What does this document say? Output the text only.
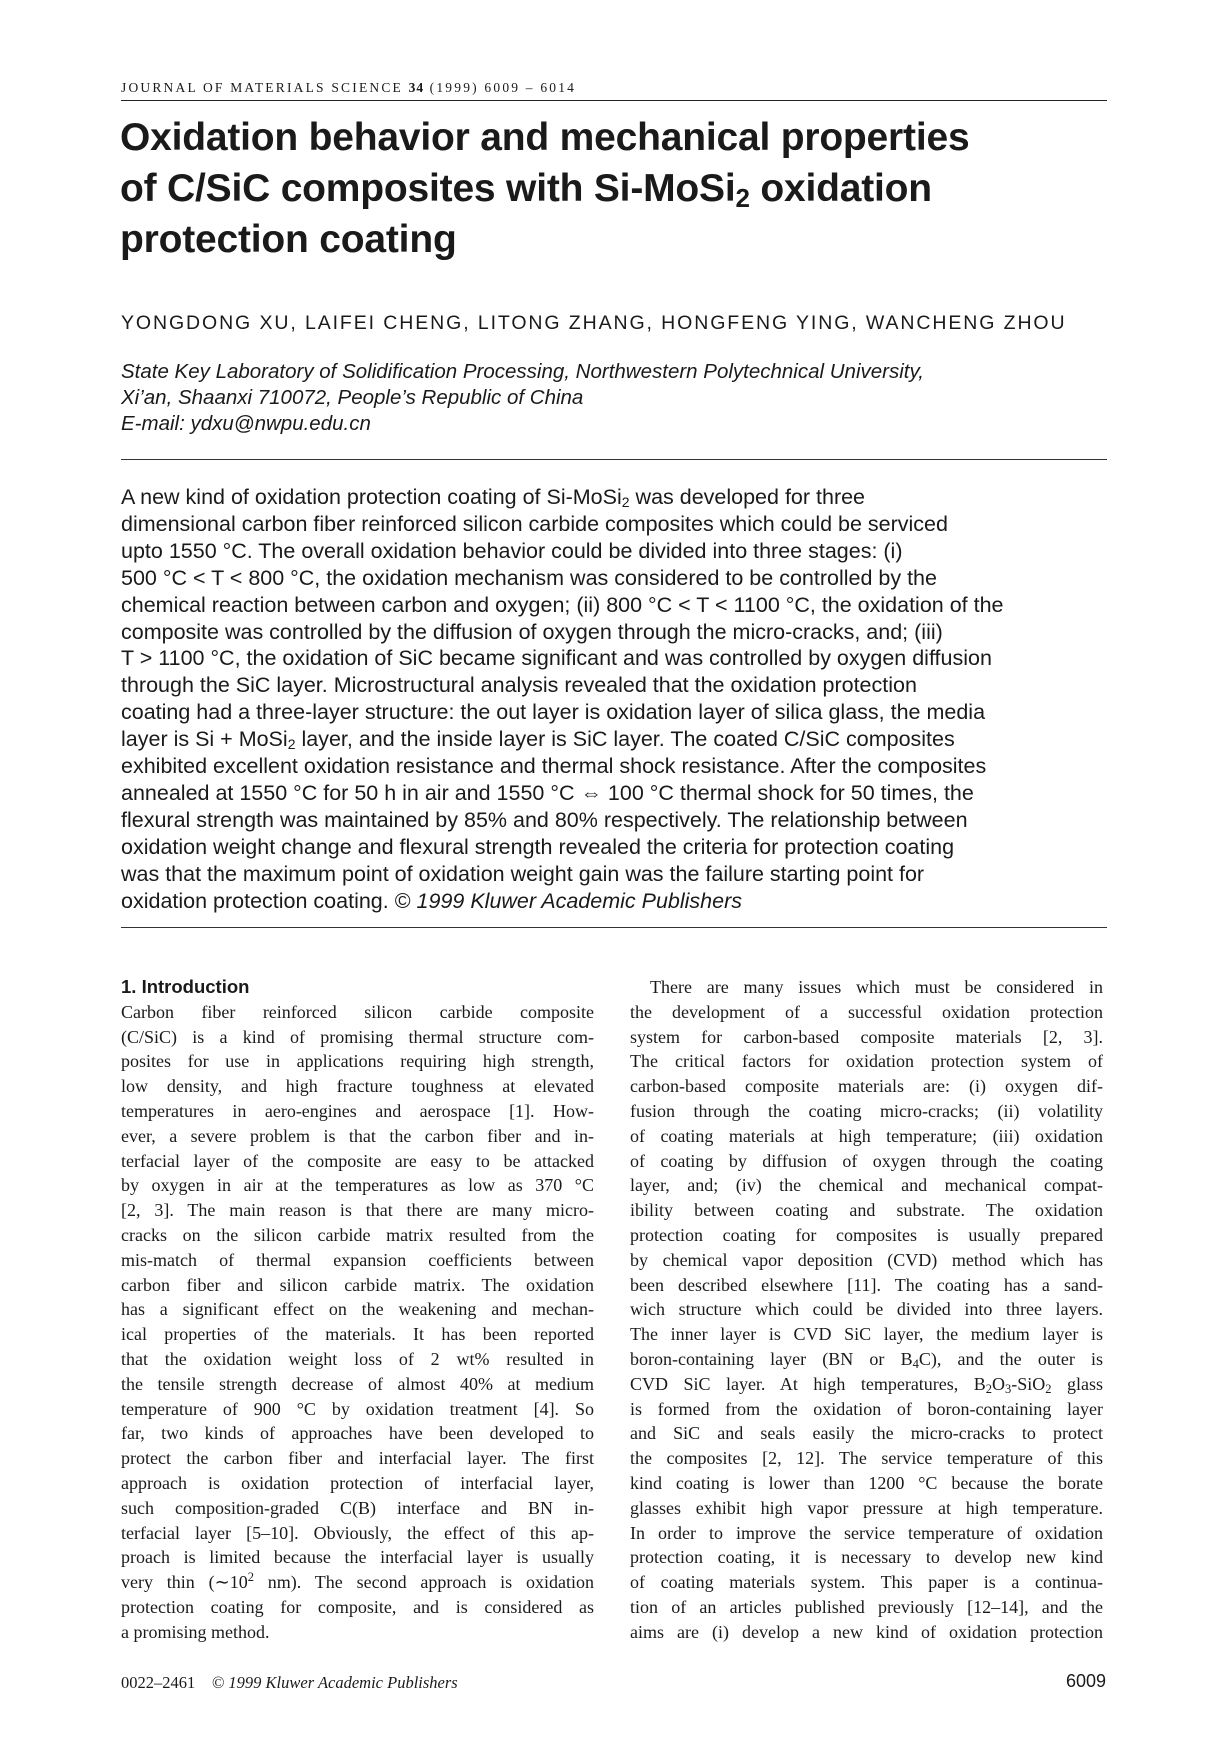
JOURNAL OF MATERIALS SCIENCE 34 (1999) 6009 – 6014
Oxidation behavior and mechanical properties
of C/SiC composites with Si-MoSi$_2$ oxidation
protection coating
YONGDONG XU, LAIFEI CHENG, LITONG ZHANG, HONGFENG YING, WANCHENG ZHOU
State Key Laboratory of Solidification Processing, Northwestern Polytechnical University,
Xi’an, Shaanxi 710072, People’s Republic of China
E-mail: ydxu@nwpu.edu.cn
A new kind of oxidation protection coating of Si-MoSi$_2$ was developed for three
dimensional carbon fiber reinforced silicon carbide composites which could be serviced
upto 1550 °C. The overall oxidation behavior could be divided into three stages: (i)
500 °C < T < 800 °C, the oxidation mechanism was considered to be controlled by the
chemical reaction between carbon and oxygen; (ii) 800 °C < T < 1100 °C, the oxidation of the
composite was controlled by the diffusion of oxygen through the micro-cracks, and; (iii)
T > 1100 °C, the oxidation of SiC became significant and was controlled by oxygen diffusion
through the SiC layer. Microstructural analysis revealed that the oxidation protection
coating had a three-layer structure: the out layer is oxidation layer of silica glass, the media
layer is Si + MoSi$_2$ layer, and the inside layer is SiC layer. The coated C/SiC composites
exhibited excellent oxidation resistance and thermal shock resistance. After the composites
annealed at 1550 °C for 50 h in air and 1550 °C ⇔ 100 °C thermal shock for 50 times, the
flexural strength was maintained by 85% and 80% respectively. The relationship between
oxidation weight change and flexural strength revealed the criteria for protection coating
was that the maximum point of oxidation weight gain was the failure starting point for
oxidation protection coating. © 1999 Kluwer Academic Publishers
1. Introduction
Carbon fiber reinforced silicon carbide composite
(C/SiC) is a kind of promising thermal structure com-
posites for use in applications requiring high strength,
low density, and high fracture toughness at elevated
temperatures in aero-engines and aerospace [1]. How-
ever, a severe problem is that the carbon fiber and in-
terfacial layer of the composite are easy to be attacked
by oxygen in air at the temperatures as low as 370 °C
[2, 3]. The main reason is that there are many micro-
cracks on the silicon carbide matrix resulted from the
mis-match of thermal expansion coefficients between
carbon fiber and silicon carbide matrix. The oxidation
has a significant effect on the weakening and mechan-
ical properties of the materials. It has been reported
that the oxidation weight loss of 2 wt% resulted in
the tensile strength decrease of almost 40% at medium
temperature of 900 °C by oxidation treatment [4]. So
far, two kinds of approaches have been developed to
protect the carbon fiber and interfacial layer. The first
approach is oxidation protection of interfacial layer,
such composition-graded C(B) interface and BN in-
terfacial layer [5–10]. Obviously, the effect of this ap-
proach is limited because the interfacial layer is usually
very thin ($\sim 10^2$ nm). The second approach is oxidation
protection coating for composite, and is considered as
a promising method.
There are many issues which must be considered in
the development of a successful oxidation protection
system for carbon-based composite materials [2, 3].
The critical factors for oxidation protection system of
carbon-based composite materials are: (i) oxygen dif-
fusion through the coating micro-cracks; (ii) volatility
of coating materials at high temperature; (iii) oxidation
of coating by diffusion of oxygen through the coating
layer, and; (iv) the chemical and mechanical compat-
ibility between coating and substrate. The oxidation
protection coating for composites is usually prepared
by chemical vapor deposition (CVD) method which has
been described elsewhere [11]. The coating has a sand-
wich structure which could be divided into three layers.
The inner layer is CVD SiC layer, the medium layer is
boron-containing layer (BN or $B_4C$), and the outer is
CVD SiC layer. At high temperatures, $B_2O_3-SiO_2$ glass
is formed from the oxidation of boron-containing layer
and SiC and seals easily the micro-cracks to protect
the composites [2, 12]. The service temperature of this
kind coating is lower than 1200 °C because the borate
glasses exhibit high vapor pressure at high temperature.
In order to improve the service temperature of oxidation
protection coating, it is necessary to develop new kind
of coating materials system. This paper is a continua-
tion of an articles published previously [12–14], and the
aims are (i) develop a new kind of oxidation protection
0022–2461 © 1999 Kluwer Academic Publishers	6009
